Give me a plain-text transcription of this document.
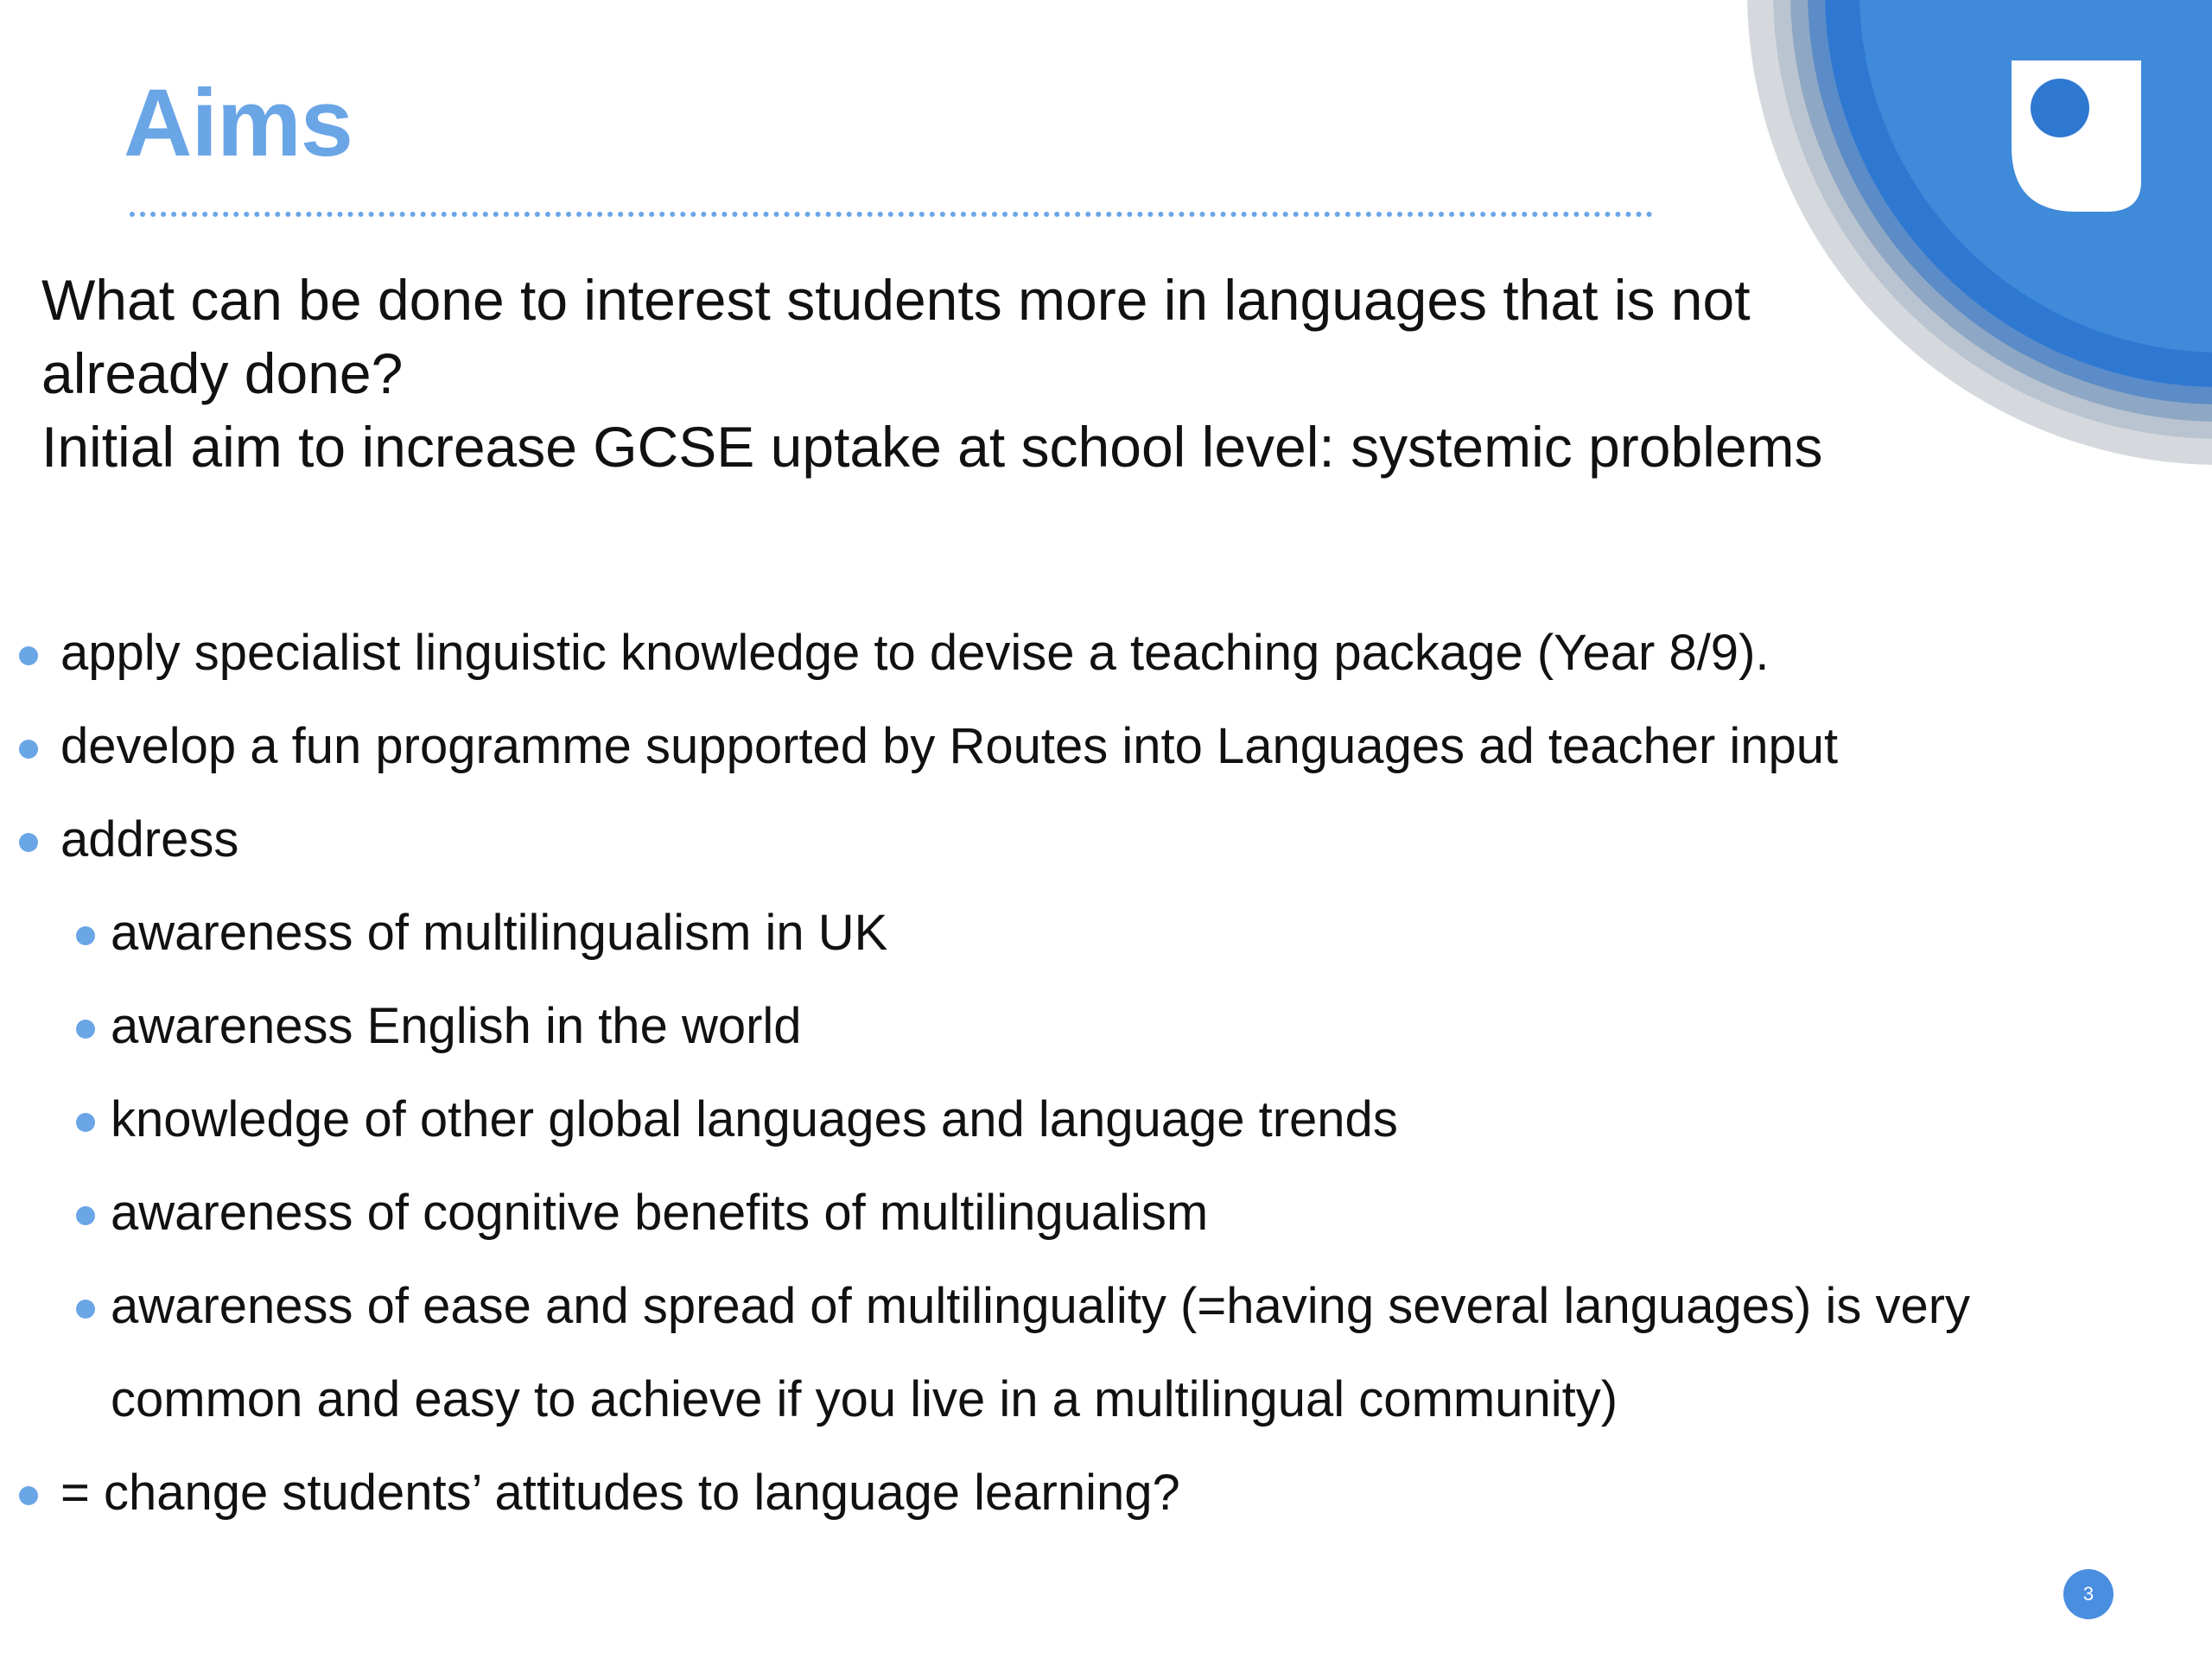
Aims

What can be done to interest students more in languages that is not already done?

Initial aim to increase GCSE uptake at school level: systemic problems

apply specialist linguistic knowledge to devise a teaching package (Year 8/9).
develop a fun programme supported by Routes into Languages ad teacher input
address
awareness of multilingualism in UK
awareness English in the world
knowledge of other global languages and language trends
awareness of cognitive benefits of multilingualism
awareness of ease and spread of multilinguality (=having several languages) is very common and easy to achieve if you live in a multilingual community)
= change students’ attitudes to language learning?
3
